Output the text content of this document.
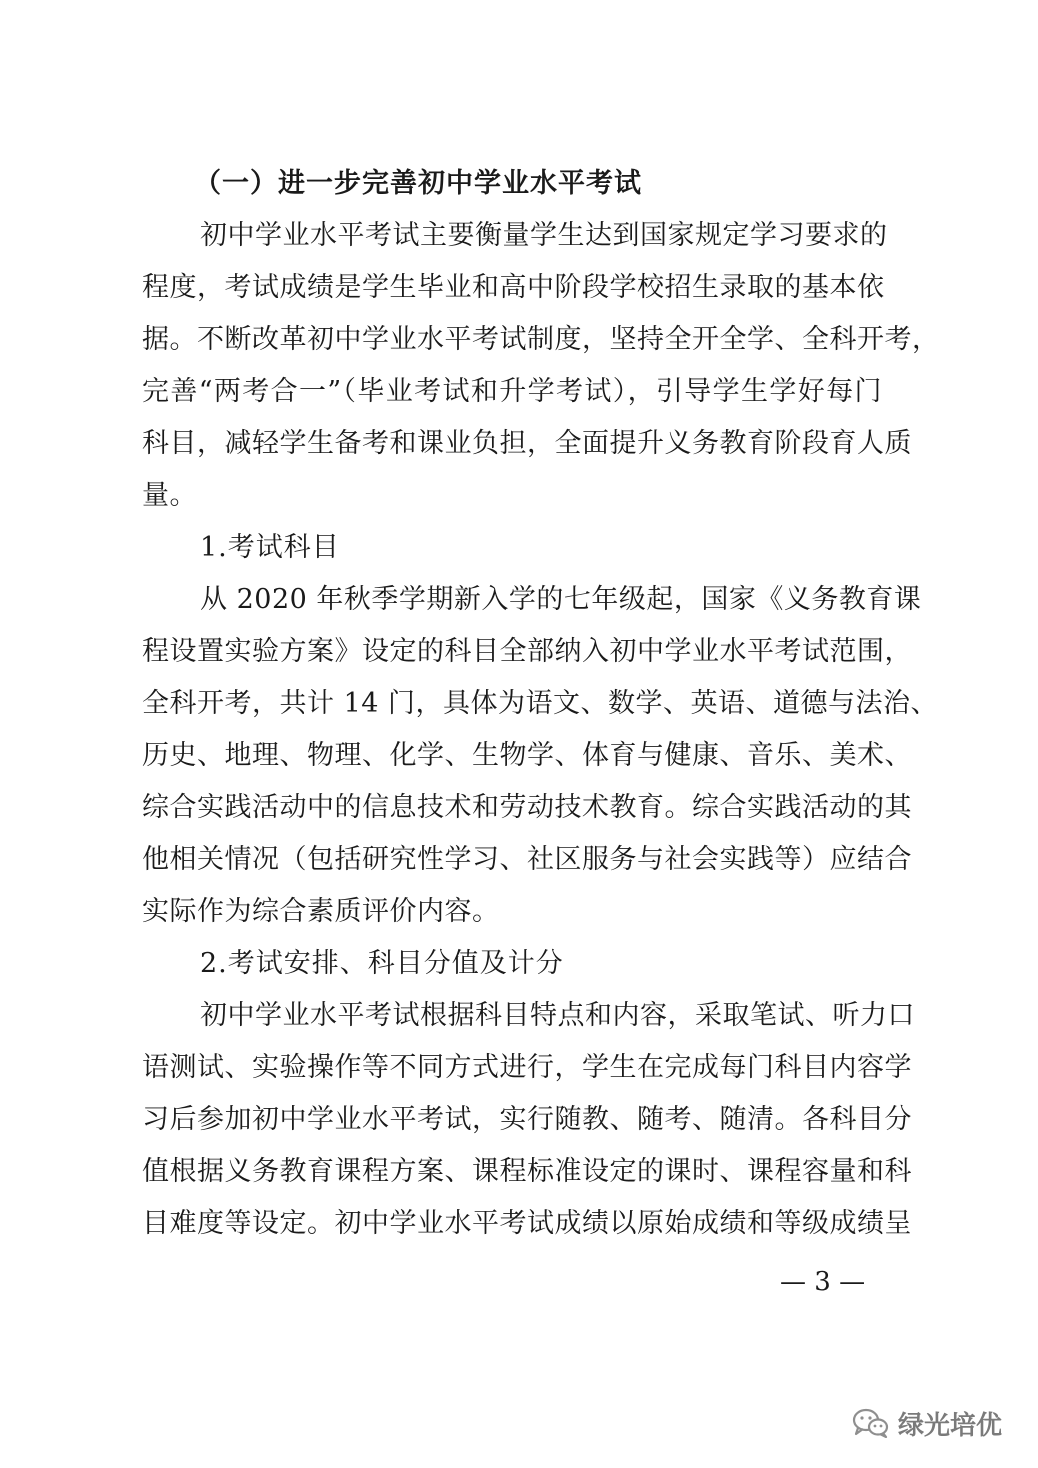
（一）进一步完善初中学业水平考试
初中学业水平考试主要衡量学生达到国家规定学习要求的
程度，考试成绩是学生毕业和高中阶段学校招生录取的基本依
据。不断改革初中学业水平考试制度，坚持全开全学、全科开考，
完善“两考合一”（毕业考试和升学考试），引导学生学好每门
科目，减轻学生备考和课业负担，全面提升义务教育阶段育人质
量。
1.考试科目
从 2020 年秋季学期新入学的七年级起，国家《义务教育课
程设置实验方案》设定的科目全部纳入初中学业水平考试范围，
全科开考，共计 14 门，具体为语文、数学、英语、道德与法治、
历史、地理、物理、化学、生物学、体育与健康、音乐、美术、
综合实践活动中的信息技术和劳动技术教育。综合实践活动的其
他相关情况（包括研究性学习、社区服务与社会实践等）应结合
实际作为综合素质评价内容。
2.考试安排、科目分值及计分
初中学业水平考试根据科目特点和内容，采取笔试、听力口
语测试、实验操作等不同方式进行，学生在完成每门科目内容学
习后参加初中学业水平考试，实行随教、随考、随清。各科目分
值根据义务教育课程方案、课程标准设定的课时、课程容量和科
目难度等设定。初中学业水平考试成绩以原始成绩和等级成绩呈
— 3 —
绿光培优
